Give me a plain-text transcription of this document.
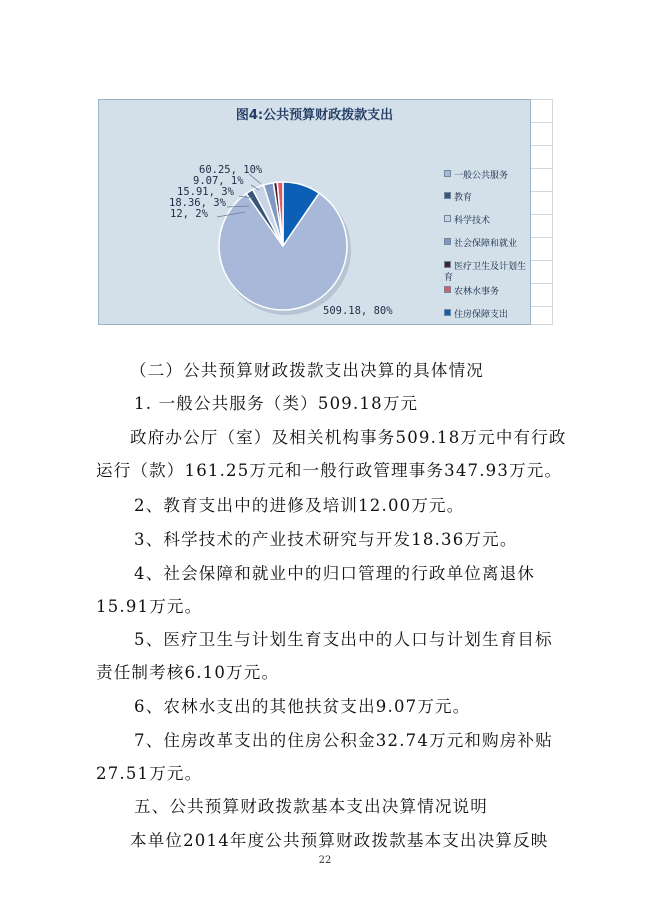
图4:公共预算财政拨款支出
509.18, 80%
60.25, 10%
9.07, 1%
15.91, 3%
18.36, 3%
12, 2%
一般公共服务
教育
科学技术
社会保障和就业
医疗卫生及计划生育
农林水事务
住房保障支出
（二）公共预算财政拨款支出决算的具体情况
1. 一般公共服务（类）509.18万元
政府办公厅（室）及相关机构事务509.18万元中有行政
运行（款）161.25万元和一般行政管理事务347.93万元。
2、教育支出中的进修及培训12.00万元。
3、科学技术的产业技术研究与开发18.36万元。
4、社会保障和就业中的归口管理的行政单位离退休
15.91万元。
5、医疗卫生与计划生育支出中的人口与计划生育目标
责任制考核6.10万元。
6、农林水支出的其他扶贫支出9.07万元。
7、住房改革支出的住房公积金32.74万元和购房补贴
27.51万元。
五、公共预算财政拨款基本支出决算情况说明
本单位2014年度公共预算财政拨款基本支出决算反映
22
